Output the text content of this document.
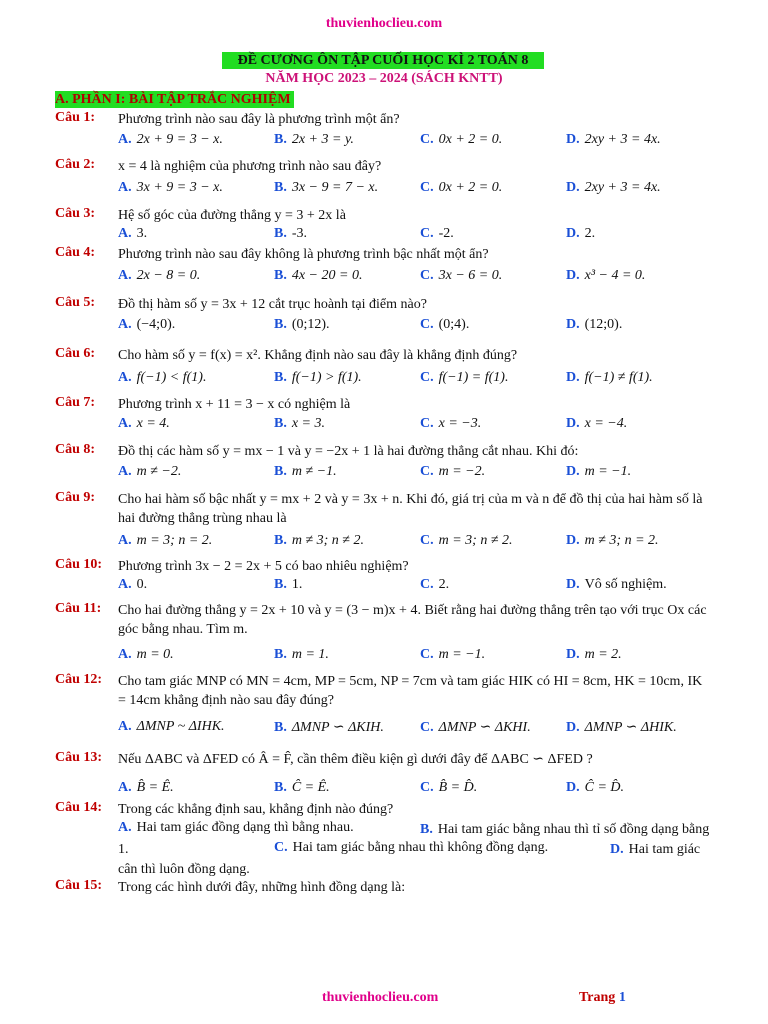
thuvienhoclieu.com
ĐỀ CƯƠNG ÔN TẬP CUỐI HỌC KÌ 2 TOÁN 8
NĂM HỌC 2023 – 2024 (SÁCH KNTT)
A. PHẦN I: BÀI TẬP TRẮC NGHIỆM
Câu 1: Phương trình nào sau đây là phương trình một ẩn?
A. 2x + 9 = 3 − x.	B. 2x + 3 = y.	C. 0x + 2 = 0.	D. 2xy + 3 = 4x.
Câu 2: x = 4 là nghiệm của phương trình nào sau đây?
A. 3x + 9 = 3 − x.	B. 3x − 9 = 7 − x.	C. 0x + 2 = 0.	D. 2xy + 3 = 4x.
Câu 3: Hệ số góc của đường thẳng y = 3 + 2x là
A. 3.	B. -3.	C. -2.	D. 2.
Câu 4: Phương trình nào sau đây không là phương trình bậc nhất một ẩn?
A. 2x − 8 = 0.	B. 4x − 20 = 0.	C. 3x − 6 = 0.	D. x³ − 4 = 0.
Câu 5: Đồ thị hàm số y = 3x + 12 cắt trục hoành tại điểm nào?
A. (−4;0).	B. (0;12).	C. (0;4).	D. (12;0).
Câu 6: Cho hàm số y = f(x) = x². Khẳng định nào sau đây là khẳng định đúng?
A. f(−1) < f(1).	B. f(−1) > f(1).	C. f(−1) = f(1).	D. f(−1) ≠ f(1).
Câu 7: Phương trình x + 11 = 3 − x có nghiệm là
A. x = 4.	B. x = 3.	C. x = −3.	D. x = −4.
Câu 8: Đồ thị các hàm số y = mx − 1 và y = −2x + 1 là hai đường thẳng cắt nhau. Khi đó:
A. m ≠ −2.	B. m ≠ −1.	C. m = −2.	D. m = −1.
Câu 9: Cho hai hàm số bậc nhất y = mx + 2 và y = 3x + n. Khi đó, giá trị của m và n để đồ thị của hai hàm số là hai đường thẳng trùng nhau là
A. m = 3; n = 2.	B. m ≠ 3; n ≠ 2.	C. m = 3; n ≠ 2.	D. m ≠ 3; n = 2.
Câu 10: Phương trình 3x − 2 = 2x + 5 có bao nhiêu nghiệm?
A. 0.	B. 1.	C. 2.	D. Vô số nghiệm.
Câu 11: Cho hai đường thẳng y = 2x + 10 và y = (3 − m)x + 4. Biết rằng hai đường thẳng trên tạo với trục Ox các góc bằng nhau. Tìm m.
A. m = 0.	B. m = 1.	C. m = −1.	D. m = 2.
Câu 12: Cho tam giác MNP có MN = 4cm, MP = 5cm, NP = 7cm và tam giác HIK có HI = 8cm, HK = 10cm, IK = 14cm khẳng định nào sau đây đúng?
A. ΔMNP ~ ΔIHK.	B. ΔMNP ∽ ΔKIH.	C. ΔMNP ∽ ΔKHI.	D. ΔMNP ∽ ΔHIK.
Câu 13: Nếu ΔABC và ΔFED có Â = F̂, cần thêm điều kiện gì dưới đây để ΔABC ∽ ΔFED ?
A. B̂ = Ê.	B. Ĉ = Ê.	C. B̂ = D̂.	D. Ĉ = D̂.
Câu 14: Trong các khẳng định sau, khẳng định nào đúng?
A. Hai tam giác đồng dạng thì bằng nhau.	B. Hai tam giác bằng nhau thì tỉ số đồng dạng bằng 1.	C. Hai tam giác bằng nhau thì không đồng dạng.	D. Hai tam giác cân thì luôn đồng dạng.
Câu 15: Trong các hình dưới đây, những hình đồng dạng là:
thuvienhoclieu.com	Trang 1
